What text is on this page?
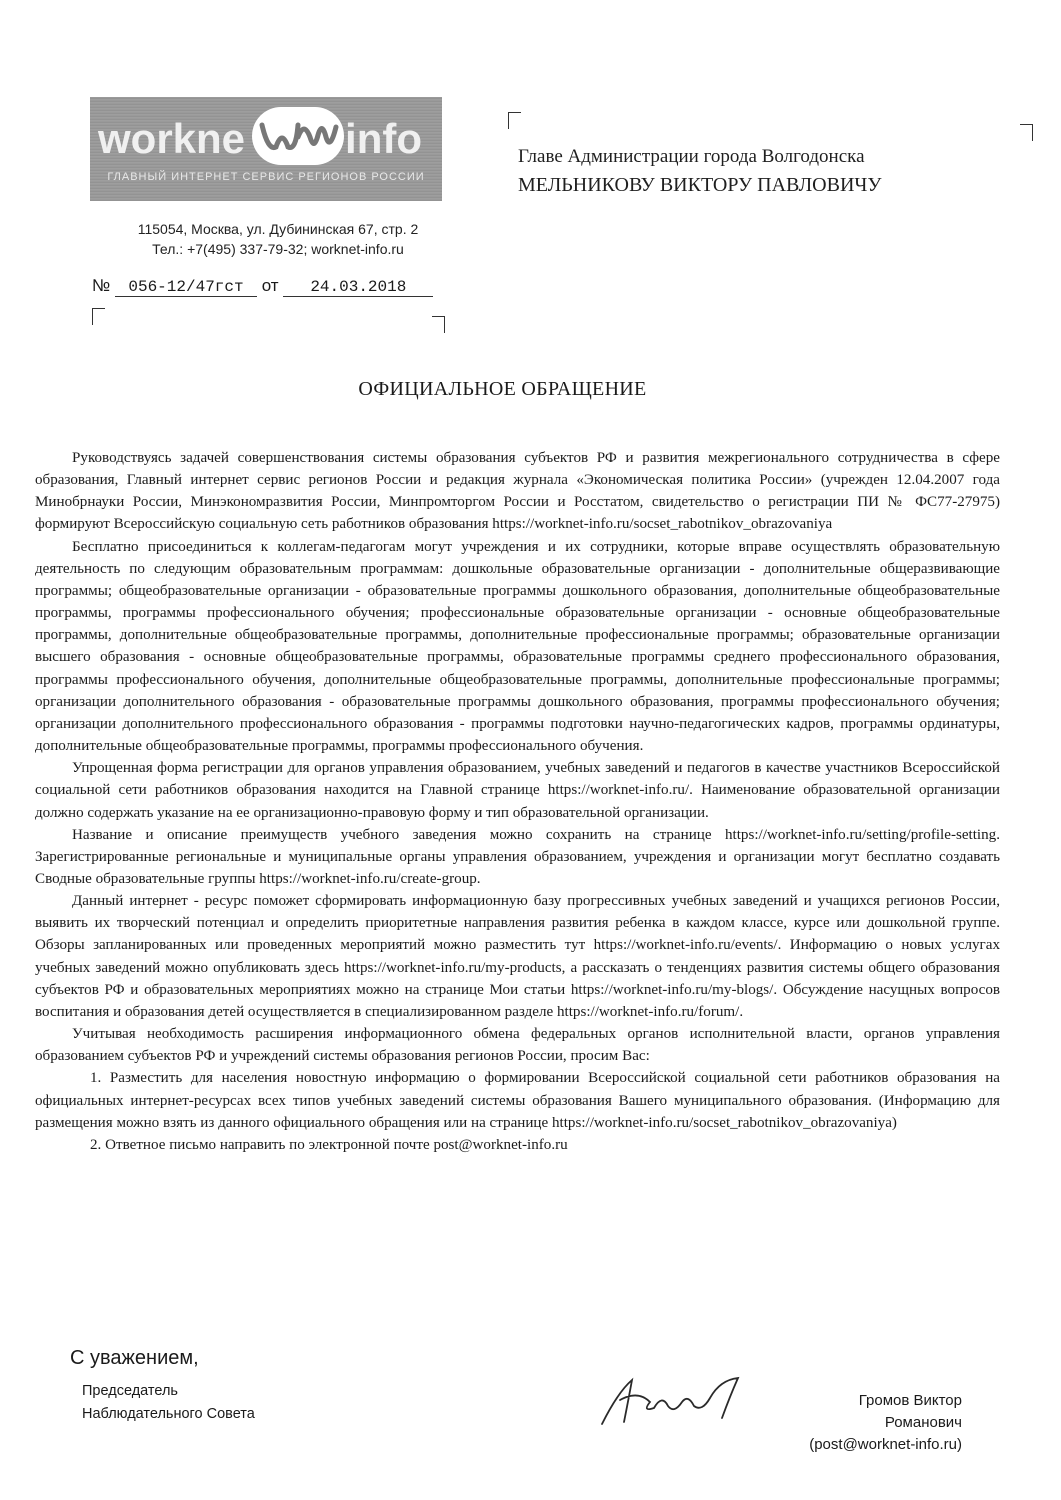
workne info
ГЛАВНЫЙ ИНТЕРНЕТ СЕРВИС РЕГИОНОВ РОССИИ
115054, Москва, ул. Дубининская 67, стр. 2
Тел.: +7(495) 337-79-32; worknet-info.ru
№ 056-12/47гст от 24.03.2018
Главе Администрации города Волгодонска
МЕЛЬНИКОВУ ВИКТОРУ ПАВЛОВИЧУ
ОФИЦИАЛЬНОЕ ОБРАЩЕНИЕ

Руководствуясь задачей совершенствования системы образования субъектов РФ и развития межрегионального сотрудничества в сфере образования, Главный интернет сервис регионов России и редакция журнала «Экономическая политика России» (учрежден 12.04.2007 года Минобрнауки России, Минэкономразвития России, Минпромторгом России и Росстатом, свидетельство о регистрации ПИ № ФС77-27975) формируют Всероссийскую социальную сеть работников образования https://worknet-info.ru/socset_rabotnikov_obrazovaniya

Бесплатно присоединиться к коллегам-педагогам могут учреждения и их сотрудники, которые вправе осуществлять образовательную деятельность по следующим образовательным программам: дошкольные образовательные организации - дополнительные общеразвивающие программы; общеобразовательные организации - образовательные программы дошкольного образования, дополнительные общеобразовательные программы, программы профессионального обучения; профессиональные образовательные организации - основные общеобразовательные программы, дополнительные общеобразовательные программы, дополнительные профессиональные программы; образовательные организации высшего образования - основные общеобразовательные программы, образовательные программы среднего профессионального образования, программы профессионального обучения, дополнительные общеобразовательные программы, дополнительные профессиональные программы; организации дополнительного образования - образовательные программы дошкольного образования, программы профессионального обучения; организации дополнительного профессионального образования - программы подготовки научно-педагогических кадров, программы ординатуры, дополнительные общеобразовательные программы, программы профессионального обучения.

Упрощенная форма регистрации для органов управления образованием, учебных заведений и педагогов в качестве участников Всероссийской социальной сети работников образования находится на Главной странице https://worknet-info.ru/. Наименование образовательной организации должно содержать указание на ее организационно-правовую форму и тип образовательной организации.

Название и описание преимуществ учебного заведения можно сохранить на странице https://worknet-info.ru/setting/profile-setting. Зарегистрированные региональные и муниципальные органы управления образованием, учреждения и организации могут бесплатно создавать Сводные образовательные группы https://worknet-info.ru/create-group.

Данный интернет - ресурс поможет сформировать информационную базу прогрессивных учебных заведений и учащихся регионов России, выявить их творческий потенциал и определить приоритетные направления развития ребенка в каждом классе, курсе или дошкольной группе. Обзоры запланированных или проведенных мероприятий можно разместить тут https://worknet-info.ru/events/. Информацию о новых услугах учебных заведений можно опубликовать здесь https://worknet-info.ru/my-products, а рассказать о тенденциях развития системы общего образования субъектов РФ и образовательных мероприятиях можно на странице Мои статьи https://worknet-info.ru/my-blogs/. Обсуждение насущных вопросов воспитания и образования детей осуществляется в специализированном разделе https://worknet-info.ru/forum/.

Учитывая необходимость расширения информационного обмена федеральных органов исполнительной власти, органов управления образованием субъектов РФ и учреждений системы образования регионов России, просим Вас:

1. Разместить для населения новостную информацию о формировании Всероссийской социальной сети работников образования на официальных интернет-ресурсах всех типов учебных заведений системы образования Вашего муниципального образования. (Информацию для размещения можно взять из данного официального обращения или на странице https://worknet-info.ru/socset_rabotnikov_obrazovaniya)

2. Ответное письмо направить по электронной почте post@worknet-info.ru

С уважением,
Председатель
Наблюдательного Совета
Громов Виктор Романович
(post@worknet-info.ru)
